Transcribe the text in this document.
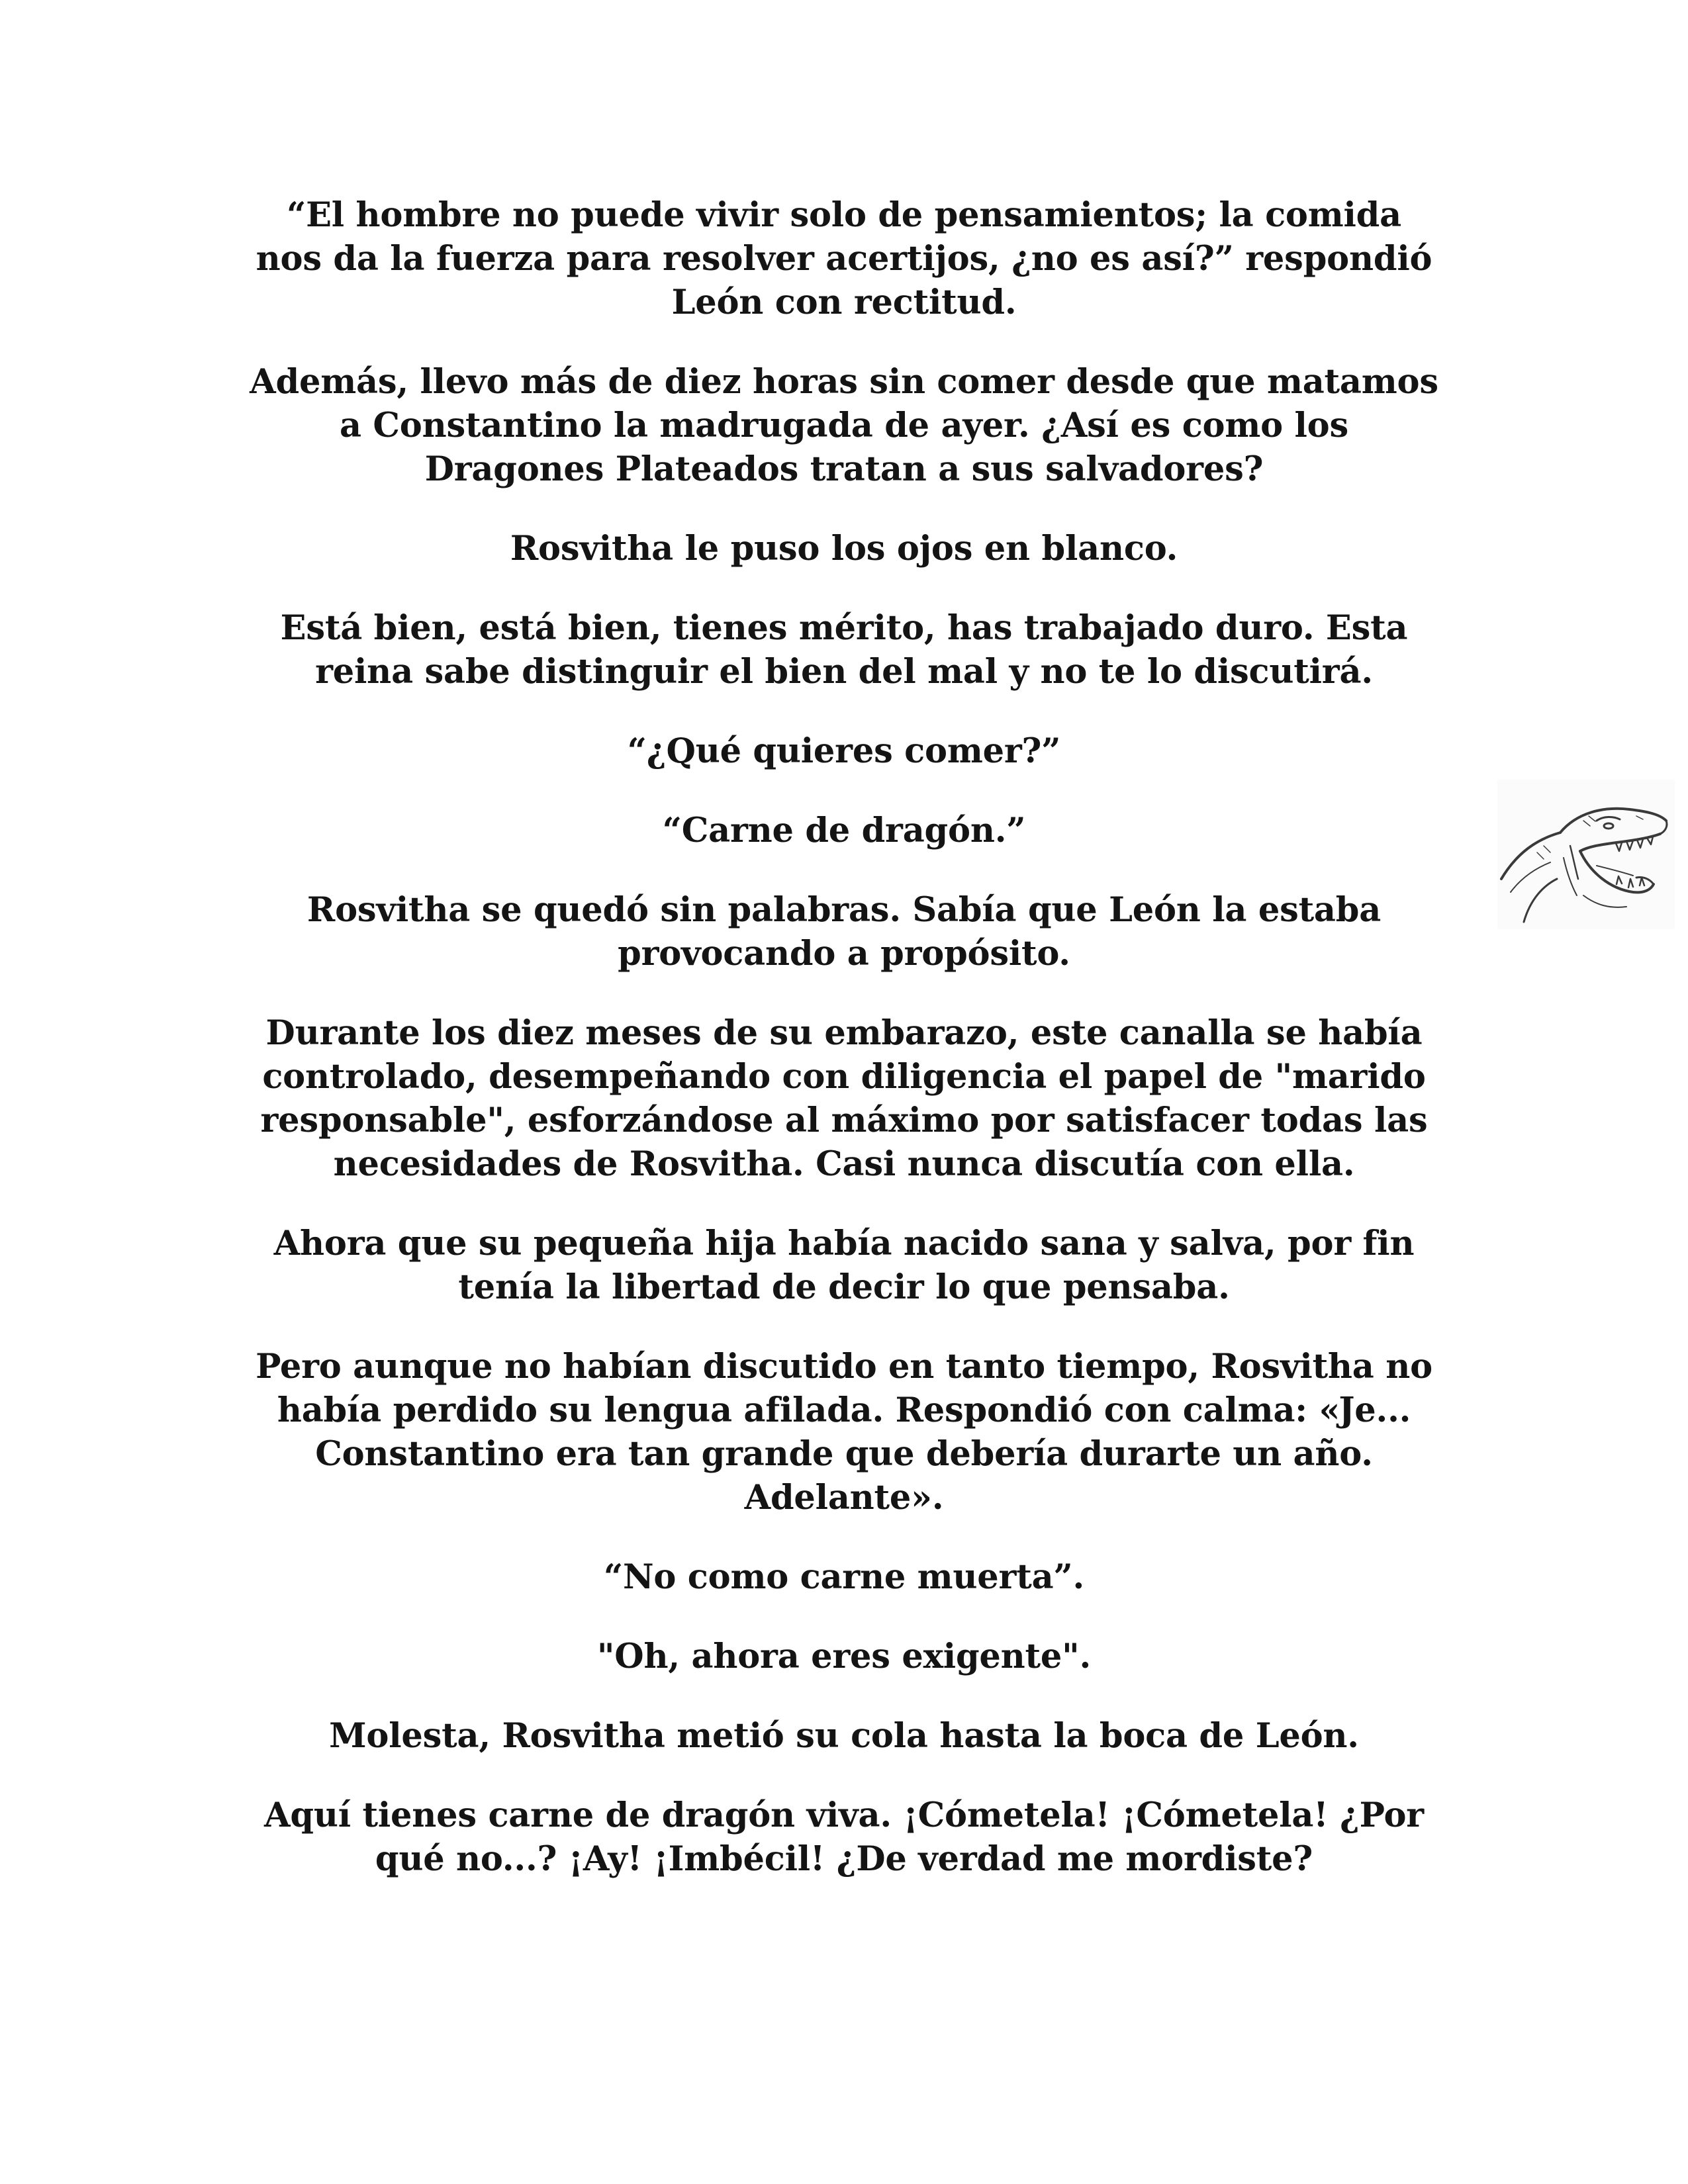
“El hombre no puede vivir solo de pensamientos; la comida
nos da la fuerza para resolver acertijos, ¿no es así?” respondió
León con rectitud.

Además, llevo más de diez horas sin comer desde que matamos
a Constantino la madrugada de ayer. ¿Así es como los
Dragones Plateados tratan a sus salvadores?

Rosvitha le puso los ojos en blanco.

Está bien, está bien, tienes mérito, has trabajado duro. Esta
reina sabe distinguir el bien del mal y no te lo discutirá.

“¿Qué quieres comer?”

“Carne de dragón.”

Rosvitha se quedó sin palabras. Sabía que León la estaba
provocando a propósito.

Durante los diez meses de su embarazo, este canalla se había
controlado, desempeñando con diligencia el papel de "marido
responsable", esforzándose al máximo por satisfacer todas las
necesidades de Rosvitha. Casi nunca discutía con ella.

Ahora que su pequeña hija había nacido sana y salva, por fin
tenía la libertad de decir lo que pensaba.

Pero aunque no habían discutido en tanto tiempo, Rosvitha no
había perdido su lengua afilada. Respondió con calma: «Je...
Constantino era tan grande que debería durarte un año.
Adelante».

“No como carne muerta”.

"Oh, ahora eres exigente".

Molesta, Rosvitha metió su cola hasta la boca de León.

Aquí tienes carne de dragón viva. ¡Cómetela! ¡Cómetela! ¿Por
qué no...? ¡Ay! ¡Imbécil! ¿De verdad me mordiste?
